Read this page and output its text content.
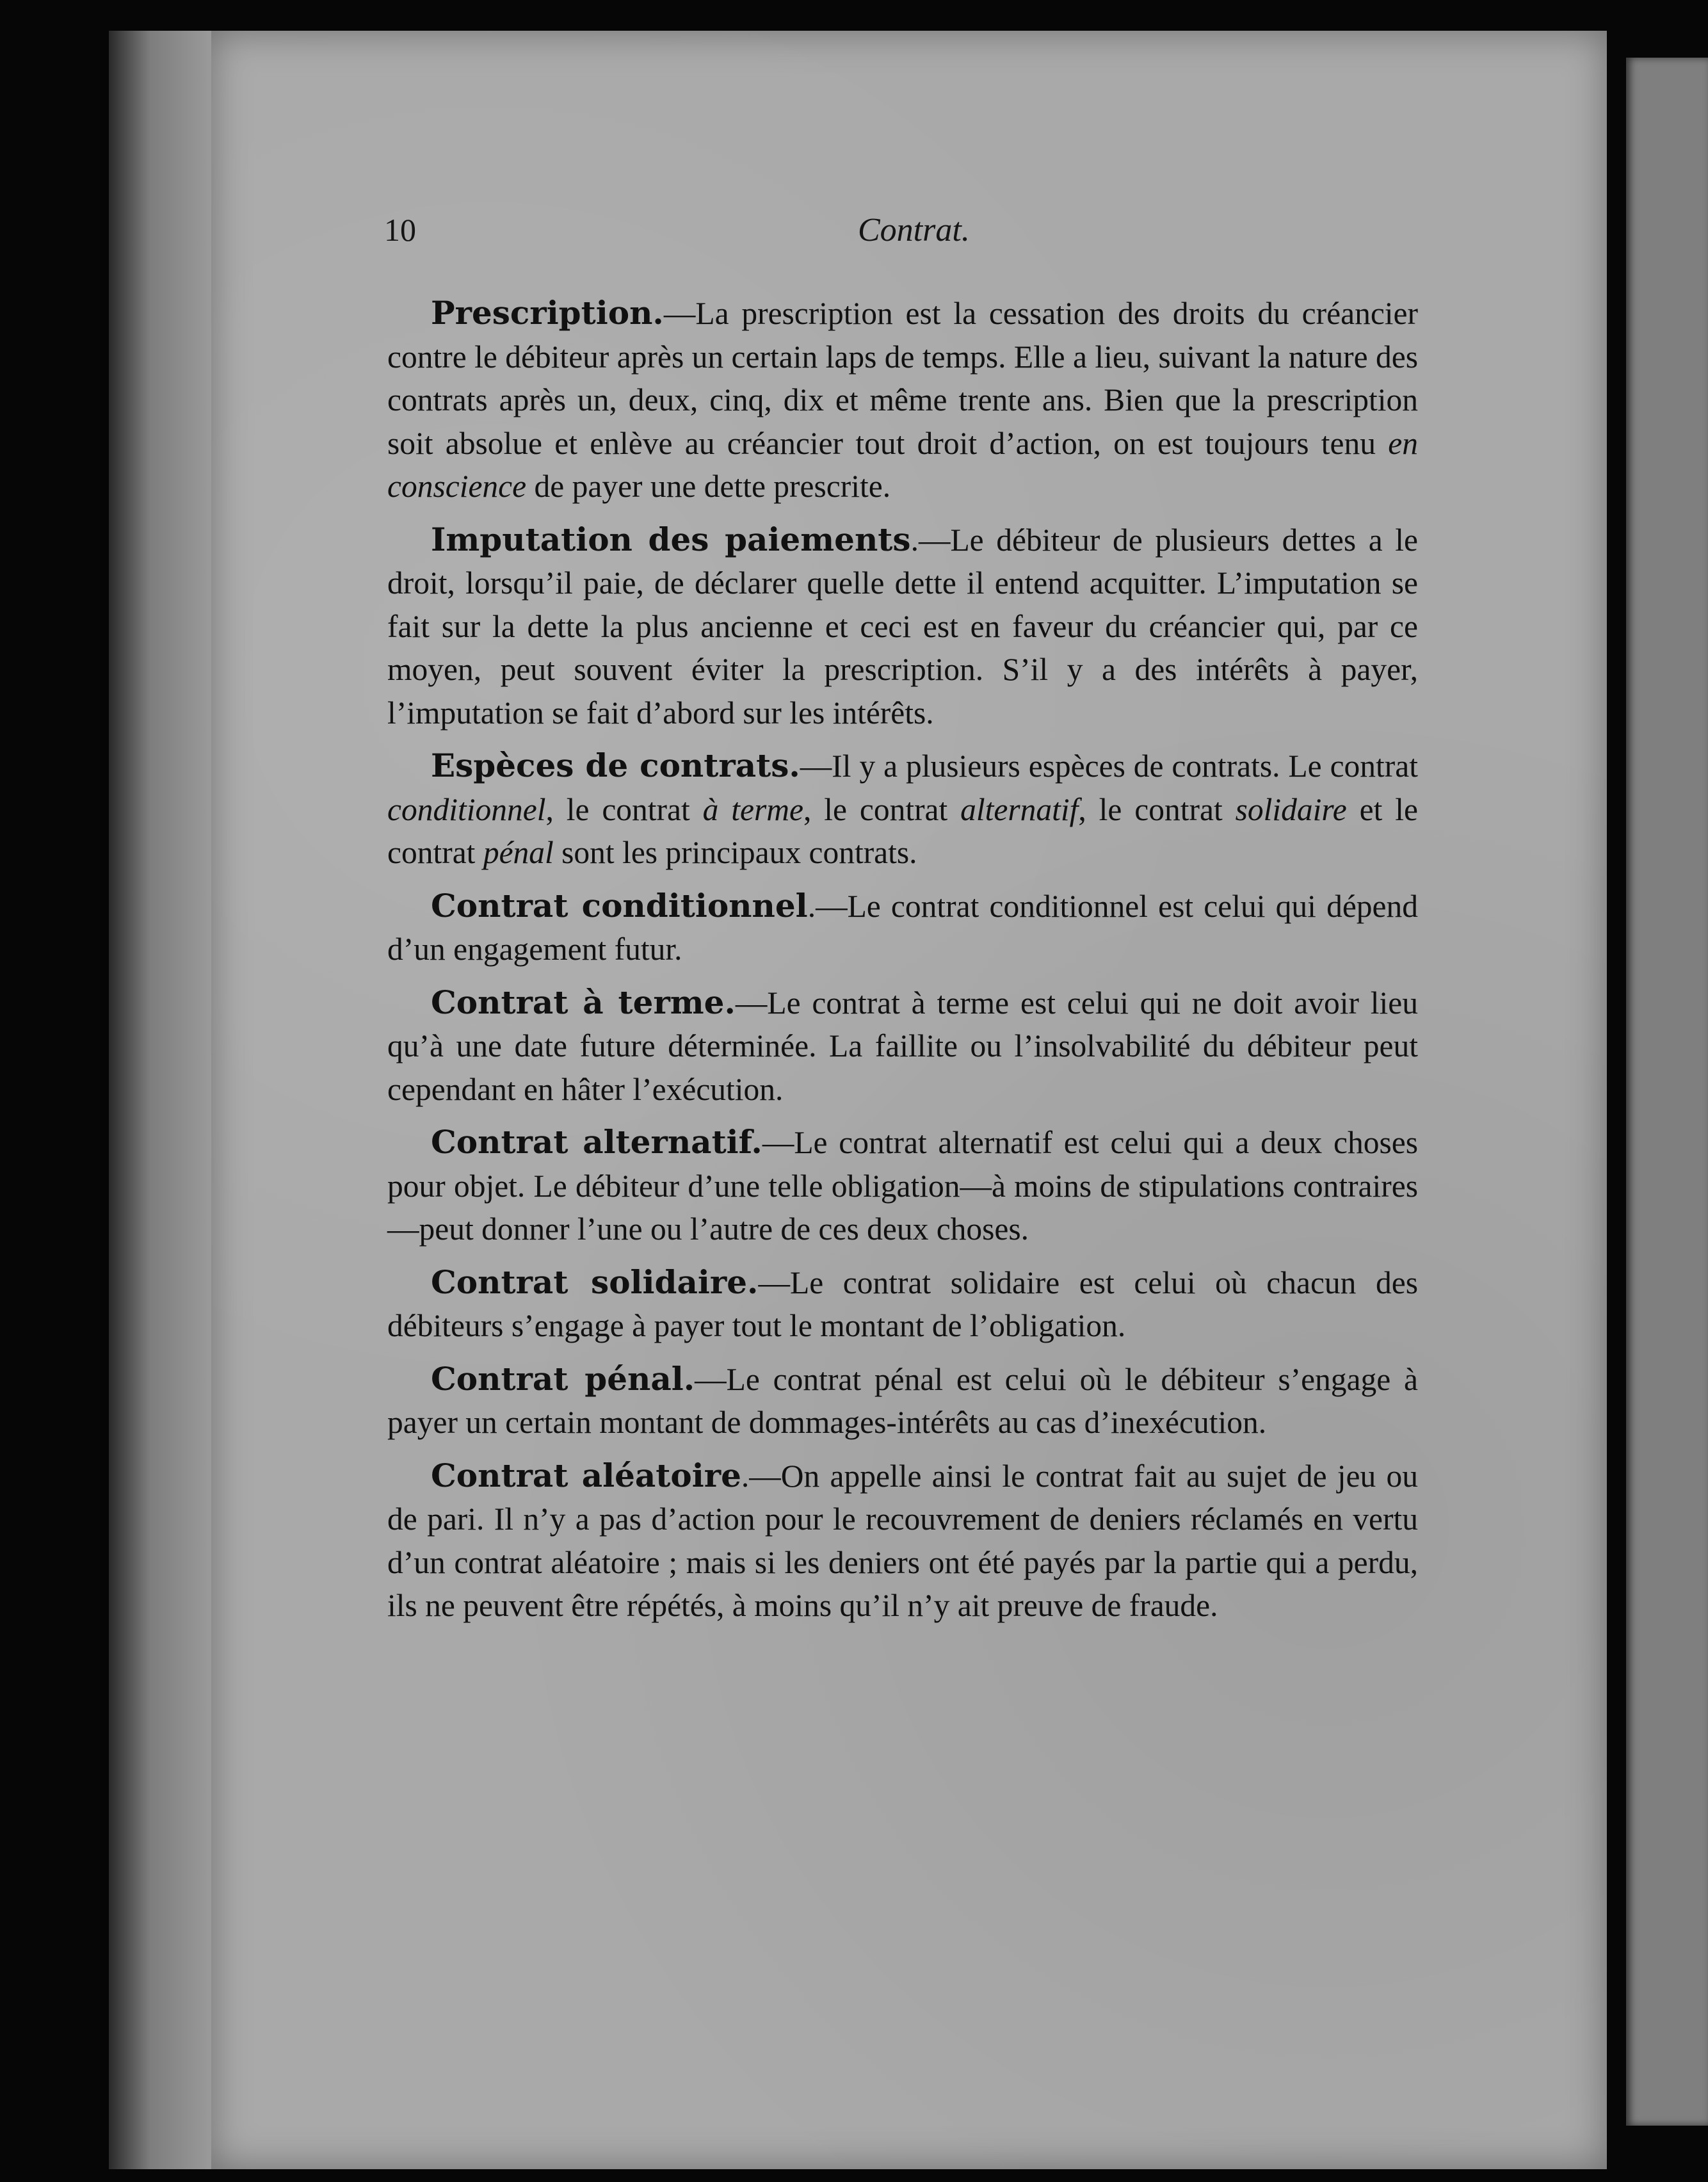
10	Contrat.

Prescription.—La prescription est la cessation des droits du créancier contre le débiteur après un certain laps de temps. Elle a lieu, suivant la nature des contrats après un, deux, cinq, dix et même trente ans. Bien que la prescription soit absolue et enlève au créancier tout droit d’action, on est toujours tenu en conscience de payer une dette prescrite.

Imputation des paiements.—Le débiteur de plusieurs dettes a le droit, lorsqu’il paie, de déclarer quelle dette il entend acquitter. L’imputation se fait sur la dette la plus ancienne et ceci est en faveur du créancier qui, par ce moyen, peut souvent éviter la prescription. S’il y a des intérêts à payer, l’imputation se fait d’abord sur les intérêts.

Espèces de contrats.—Il y a plusieurs espèces de contrats. Le contrat conditionnel, le contrat à terme, le contrat alternatif, le contrat solidaire et le contrat pénal sont les principaux contrats.

Contrat conditionnel.—Le contrat conditionnel est celui qui dépend d’un engagement futur.

Contrat à terme.—Le contrat à terme est celui qui ne doit avoir lieu qu’à une date future déterminée. La faillite ou l’insolvabilité du débiteur peut cependant en hâter l’exécution.

Contrat alternatif.—Le contrat alternatif est celui qui a deux choses pour objet. Le débiteur d’une telle obligation—à moins de stipulations contraires—peut donner l’une ou l’autre de ces deux choses.

Contrat solidaire.—Le contrat solidaire est celui où chacun des débiteurs s’engage à payer tout le montant de l’obligation.

Contrat pénal.—Le contrat pénal est celui où le débiteur s’engage à payer un certain montant de dommages-intérêts au cas d’inexécution.

Contrat aléatoire.—On appelle ainsi le contrat fait au sujet de jeu ou de pari. Il n’y a pas d’action pour le recouvrement de deniers réclamés en vertu d’un contrat aléatoire ; mais si les deniers ont été payés par la partie qui a perdu, ils ne peuvent être répétés, à moins qu’il n’y ait preuve de fraude.
